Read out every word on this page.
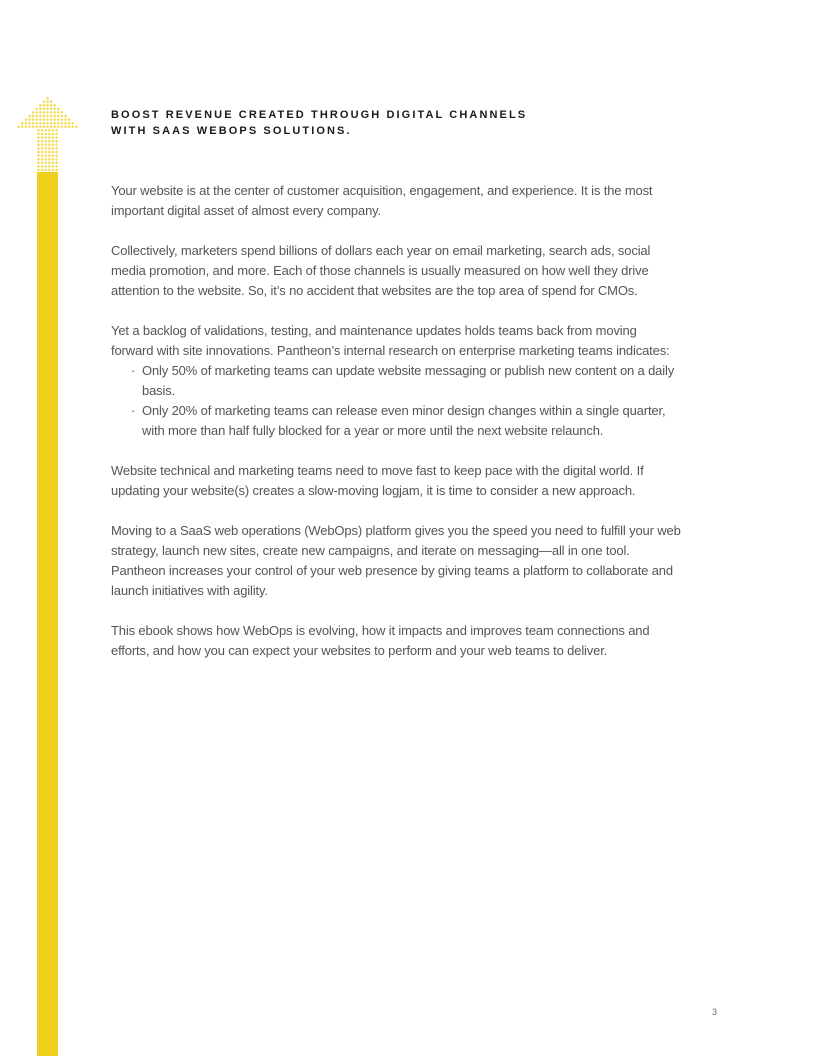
BOOST REVENUE CREATED THROUGH DIGITAL CHANNELS
WITH SAAS WEBOPS SOLUTIONS.

Your website is at the center of customer acquisition, engagement, and experience. It is the most important digital asset of almost every company.

Collectively, marketers spend billions of dollars each year on email marketing, search ads, social media promotion, and more. Each of those channels is usually measured on how well they drive attention to the website. So, it’s no accident that websites are the top area of spend for CMOs.

Yet a backlog of validations, testing, and maintenance updates holds teams back from moving forward with site innovations. Pantheon’s internal research on enterprise marketing teams indicates:

· Only 50% of marketing teams can update website messaging or publish new content on a daily basis.
· Only 20% of marketing teams can release even minor design changes within a single quarter, with more than half fully blocked for a year or more until the next website relaunch.

Website technical and marketing teams need to move fast to keep pace with the digital world. If updating your website(s) creates a slow-moving logjam, it is time to consider a new approach.

Moving to a SaaS web operations (WebOps) platform gives you the speed you need to fulfill your web strategy, launch new sites, create new campaigns, and iterate on messaging—all in one tool. Pantheon increases your control of your web presence by giving teams a platform to collaborate and launch initiatives with agility.

This ebook shows how WebOps is evolving, how it impacts and improves team connections and efforts, and how you can expect your websites to perform and your web teams to deliver.

3
